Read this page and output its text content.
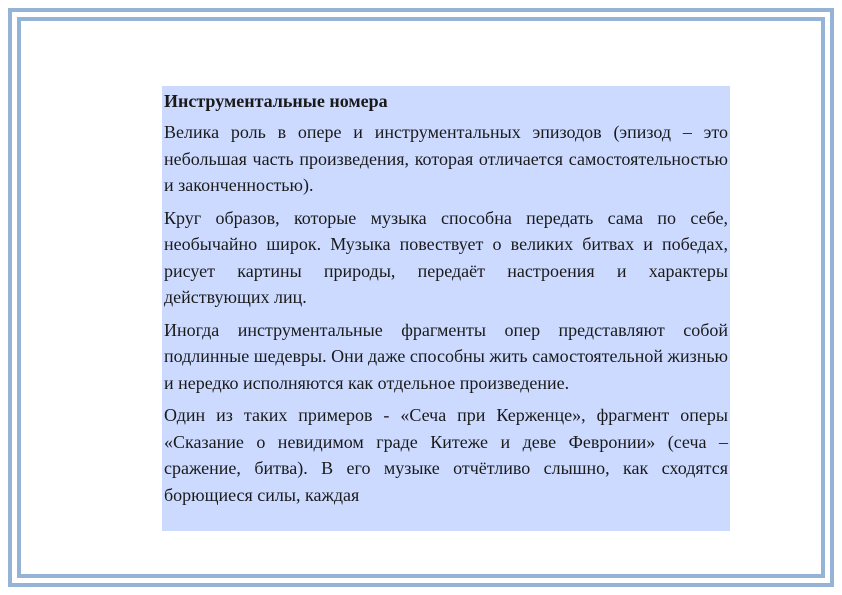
Инструментальные номера

Велика роль в опере и инструментальных эпизодов (эпизод – это небольшая часть произведения, которая отличается самостоятельностью и законченностью).

Круг образов, которые музыка способна передать сама по себе, необычайно широк. Музыка повествует о великих битвах и победах, рисует картины природы, передаёт настроения и характеры действующих лиц.

Иногда инструментальные фрагменты опер представляют собой подлинные шедевры. Они даже способны жить самостоятельной жизнью и нередко исполняются как отдельное произведение.

Один из таких примеров - «Сеча при Керженце», фрагмент оперы «Сказание о невидимом граде Китеже и деве Февронии» (сеча – сражение, битва). В его музыке отчётливо слышно, как сходятся борющиеся силы, каждая
